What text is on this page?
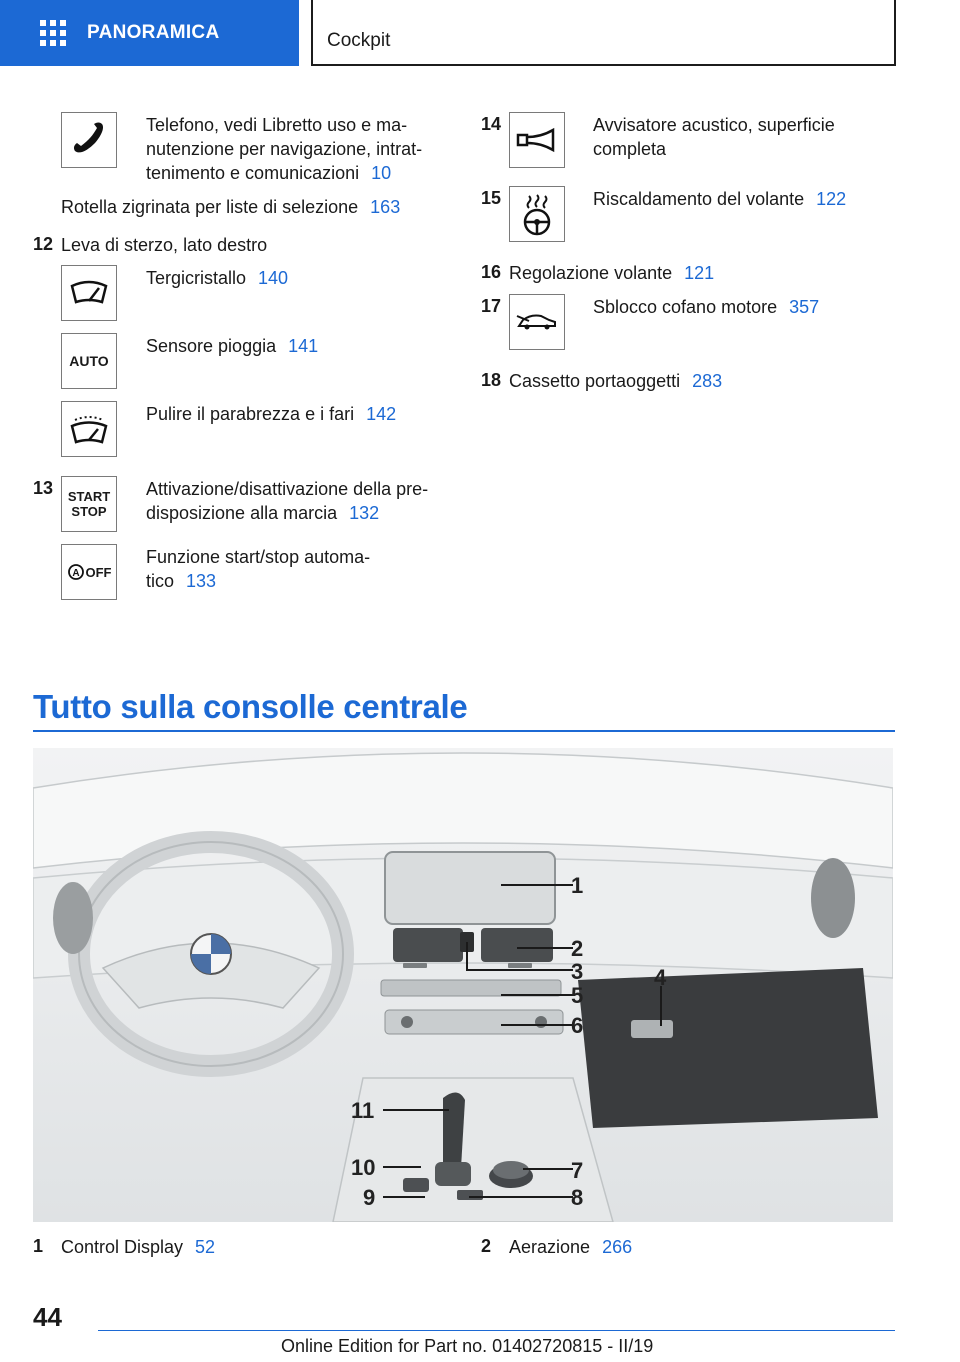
PANORAMICA	Cockpit
Telefono, vedi Libretto uso e ma-
nutenzione per navigazione, intrat-
tenimento e comunicazioni 10
Rotella zigrinata per liste di selezione 163
12 Leva di sterzo, lato destro
Tergicristallo 140
AUTO
Sensore pioggia 141
Pulire il parabrezza e i fari 142
13 START
STOP
Attivazione/disattivazione della pre-
disposizione alla marcia 132
A OFF
Funzione start/stop automa-
tico 133
14	Avvisatore acustico, superficie
completa
15	Riscaldamento del volante 122
16 Regolazione volante 121
17	Sblocco cofano motore 357
18 Cassetto portaoggetti 283
Tutto sulla consolle centrale
1
2
3	4
5
6
7
8
9
10
11
1 Control Display 52	2 Aerazione 266
44
Online Edition for Part no. 01402720815 - II/19
